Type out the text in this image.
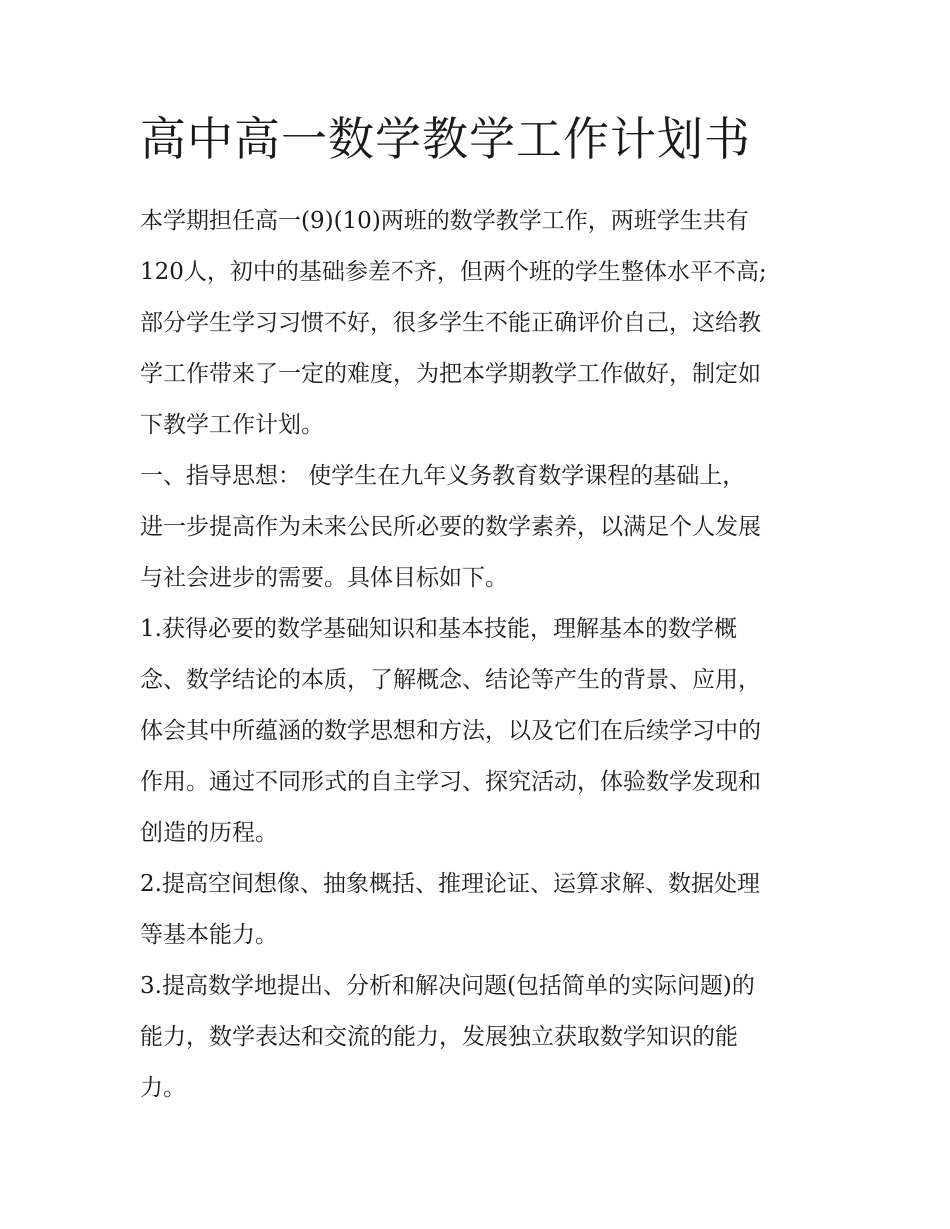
高中高一数学教学工作计划书

本学期担任高一(9)(10)两班的数学教学工作，两班学生共有

120人，初中的基础参差不齐，但两个班的学生整体水平不高;

部分学生学习习惯不好，很多学生不能正确评价自己，这给教

学工作带来了一定的难度，为把本学期教学工作做好，制定如

下教学工作计划。

一、指导思想： 使学生在九年义务教育数学课程的基础上，

进一步提高作为未来公民所必要的数学素养，以满足个人发展

与社会进步的需要。具体目标如下。

1.获得必要的数学基础知识和基本技能，理解基本的数学概

念、数学结论的本质，了解概念、结论等产生的背景、应用，

体会其中所蕴涵的数学思想和方法，以及它们在后续学习中的

作用。通过不同形式的自主学习、探究活动，体验数学发现和

创造的历程。

2.提高空间想像、抽象概括、推理论证、运算求解、数据处理

等基本能力。

3.提高数学地提出、分析和解决问题(包括简单的实际问题)的

能力，数学表达和交流的能力，发展独立获取数学知识的能

力。
